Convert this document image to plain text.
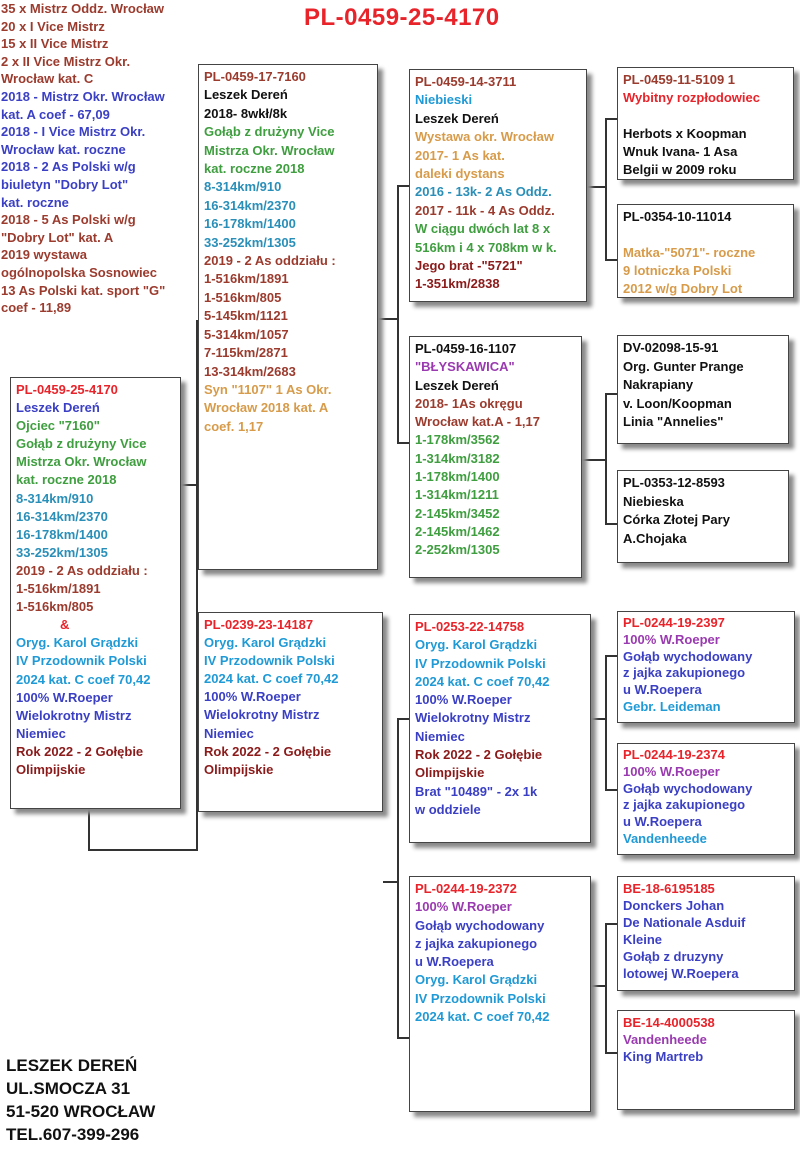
PL-0459-25-4170
35 x Mistrz Oddz. Wrocław
20 x I Vice Mistrz
15 x II Vice Mistrz
2 x II Vice Mistrz Okr.
Wrocław kat. C
2018 - Mistrz Okr. Wrocław
kat. A coef - 67,09
2018 - I Vice Mistrz Okr.
Wrocław kat. roczne
2018 - 2 As Polski w/g
biuletyn "Dobry Lot"
kat. roczne
2018 - 5 As Polski w/g
"Dobry Lot" kat. A
2019 wystawa
ogólnopolska Sosnowiec
13 As Polski kat. sport "G"
coef - 11,89
PL-0459-25-4170
Leszek Dereń
Ojciec "7160"
Gołąb z drużyny Vice
Mistrza Okr. Wrocław
kat. roczne 2018
8-314km/910
16-314km/2370
16-178km/1400
33-252km/1305
2019 - 2 As oddziału :
1-516km/1891
1-516km/805
&
Oryg. Karol Grądzki
IV Przodownik Polski
2024 kat. C coef 70,42
100% W.Roeper
Wielokrotny Mistrz
Niemiec
Rok 2022 - 2 Gołębie
Olimpijskie
PL-0459-17-7160
Leszek Dereń
2018- 8wkł/8k
Gołąb z drużyny Vice
Mistrza Okr. Wrocław
kat. roczne 2018
8-314km/910
16-314km/2370
16-178km/1400
33-252km/1305
2019 - 2 As oddziału :
1-516km/1891
1-516km/805
5-145km/1121
5-314km/1057
7-115km/2871
13-314km/2683
Syn "1107" 1 As Okr.
Wrocław 2018 kat. A
coef. 1,17
PL-0239-23-14187
Oryg. Karol Grądzki
IV Przodownik Polski
2024 kat. C coef 70,42
100% W.Roeper
Wielokrotny Mistrz
Niemiec
Rok 2022 - 2 Gołębie
Olimpijskie
PL-0459-14-3711
Niebieski
Leszek Dereń
Wystawa okr. Wrocław
2017- 1 As kat.
daleki dystans
2016 - 13k- 2 As Oddz.
2017 - 11k - 4 As Oddz.
W ciągu dwóch lat 8 x
516km i 4 x 708km w k.
Jego brat -"5721"
1-351km/2838
PL-0459-16-1107
"BŁYSKAWICA"
Leszek Dereń
2018- 1As okręgu
Wrocław kat.A - 1,17
1-178km/3562
1-314km/3182
1-178km/1400
1-314km/1211
2-145km/3452
2-145km/1462
2-252km/1305
PL-0253-22-14758
Oryg. Karol Grądzki
IV Przodownik Polski
2024 kat. C coef 70,42
100% W.Roeper
Wielokrotny Mistrz
Niemiec
Rok 2022 - 2 Gołębie
Olimpijskie
Brat "10489" - 2x 1k
w oddziele
PL-0244-19-2372
100% W.Roeper
Gołąb wychodowany
z jajka zakupionego
u W.Roepera
Oryg. Karol Grądzki
IV Przodownik Polski
2024 kat. C coef 70,42
PL-0459-11-5109 1
Wybitny rozpłodowiec

Herbots x Koopman
Wnuk Ivana- 1 Asa
Belgii w 2009 roku
PL-0354-10-11014

Matka-"5071"- roczne
9 lotniczka Polski
2012 w/g Dobry Lot
DV-02098-15-91
Org. Gunter Prange
Nakrapiany
v. Loon/Koopman
Linia "Annelies"
PL-0353-12-8593
Niebieska
Córka Złotej Pary
A.Chojaka
PL-0244-19-2397
100% W.Roeper
Gołąb wychodowany
z jajka zakupionego
u W.Roepera
Gebr. Leideman
PL-0244-19-2374
100% W.Roeper
Gołąb wychodowany
z jajka zakupionego
u W.Roepera
Vandenheede
BE-18-6195185
Donckers Johan
De Nationale Asduif
Kleine
Gołąb z druzyny
lotowej W.Roepera
BE-14-4000538
Vandenheede
King Martreb
LESZEK DEREŃ
UL.SMOCZA 31
51-520 WROCŁAW
TEL.607-399-296
